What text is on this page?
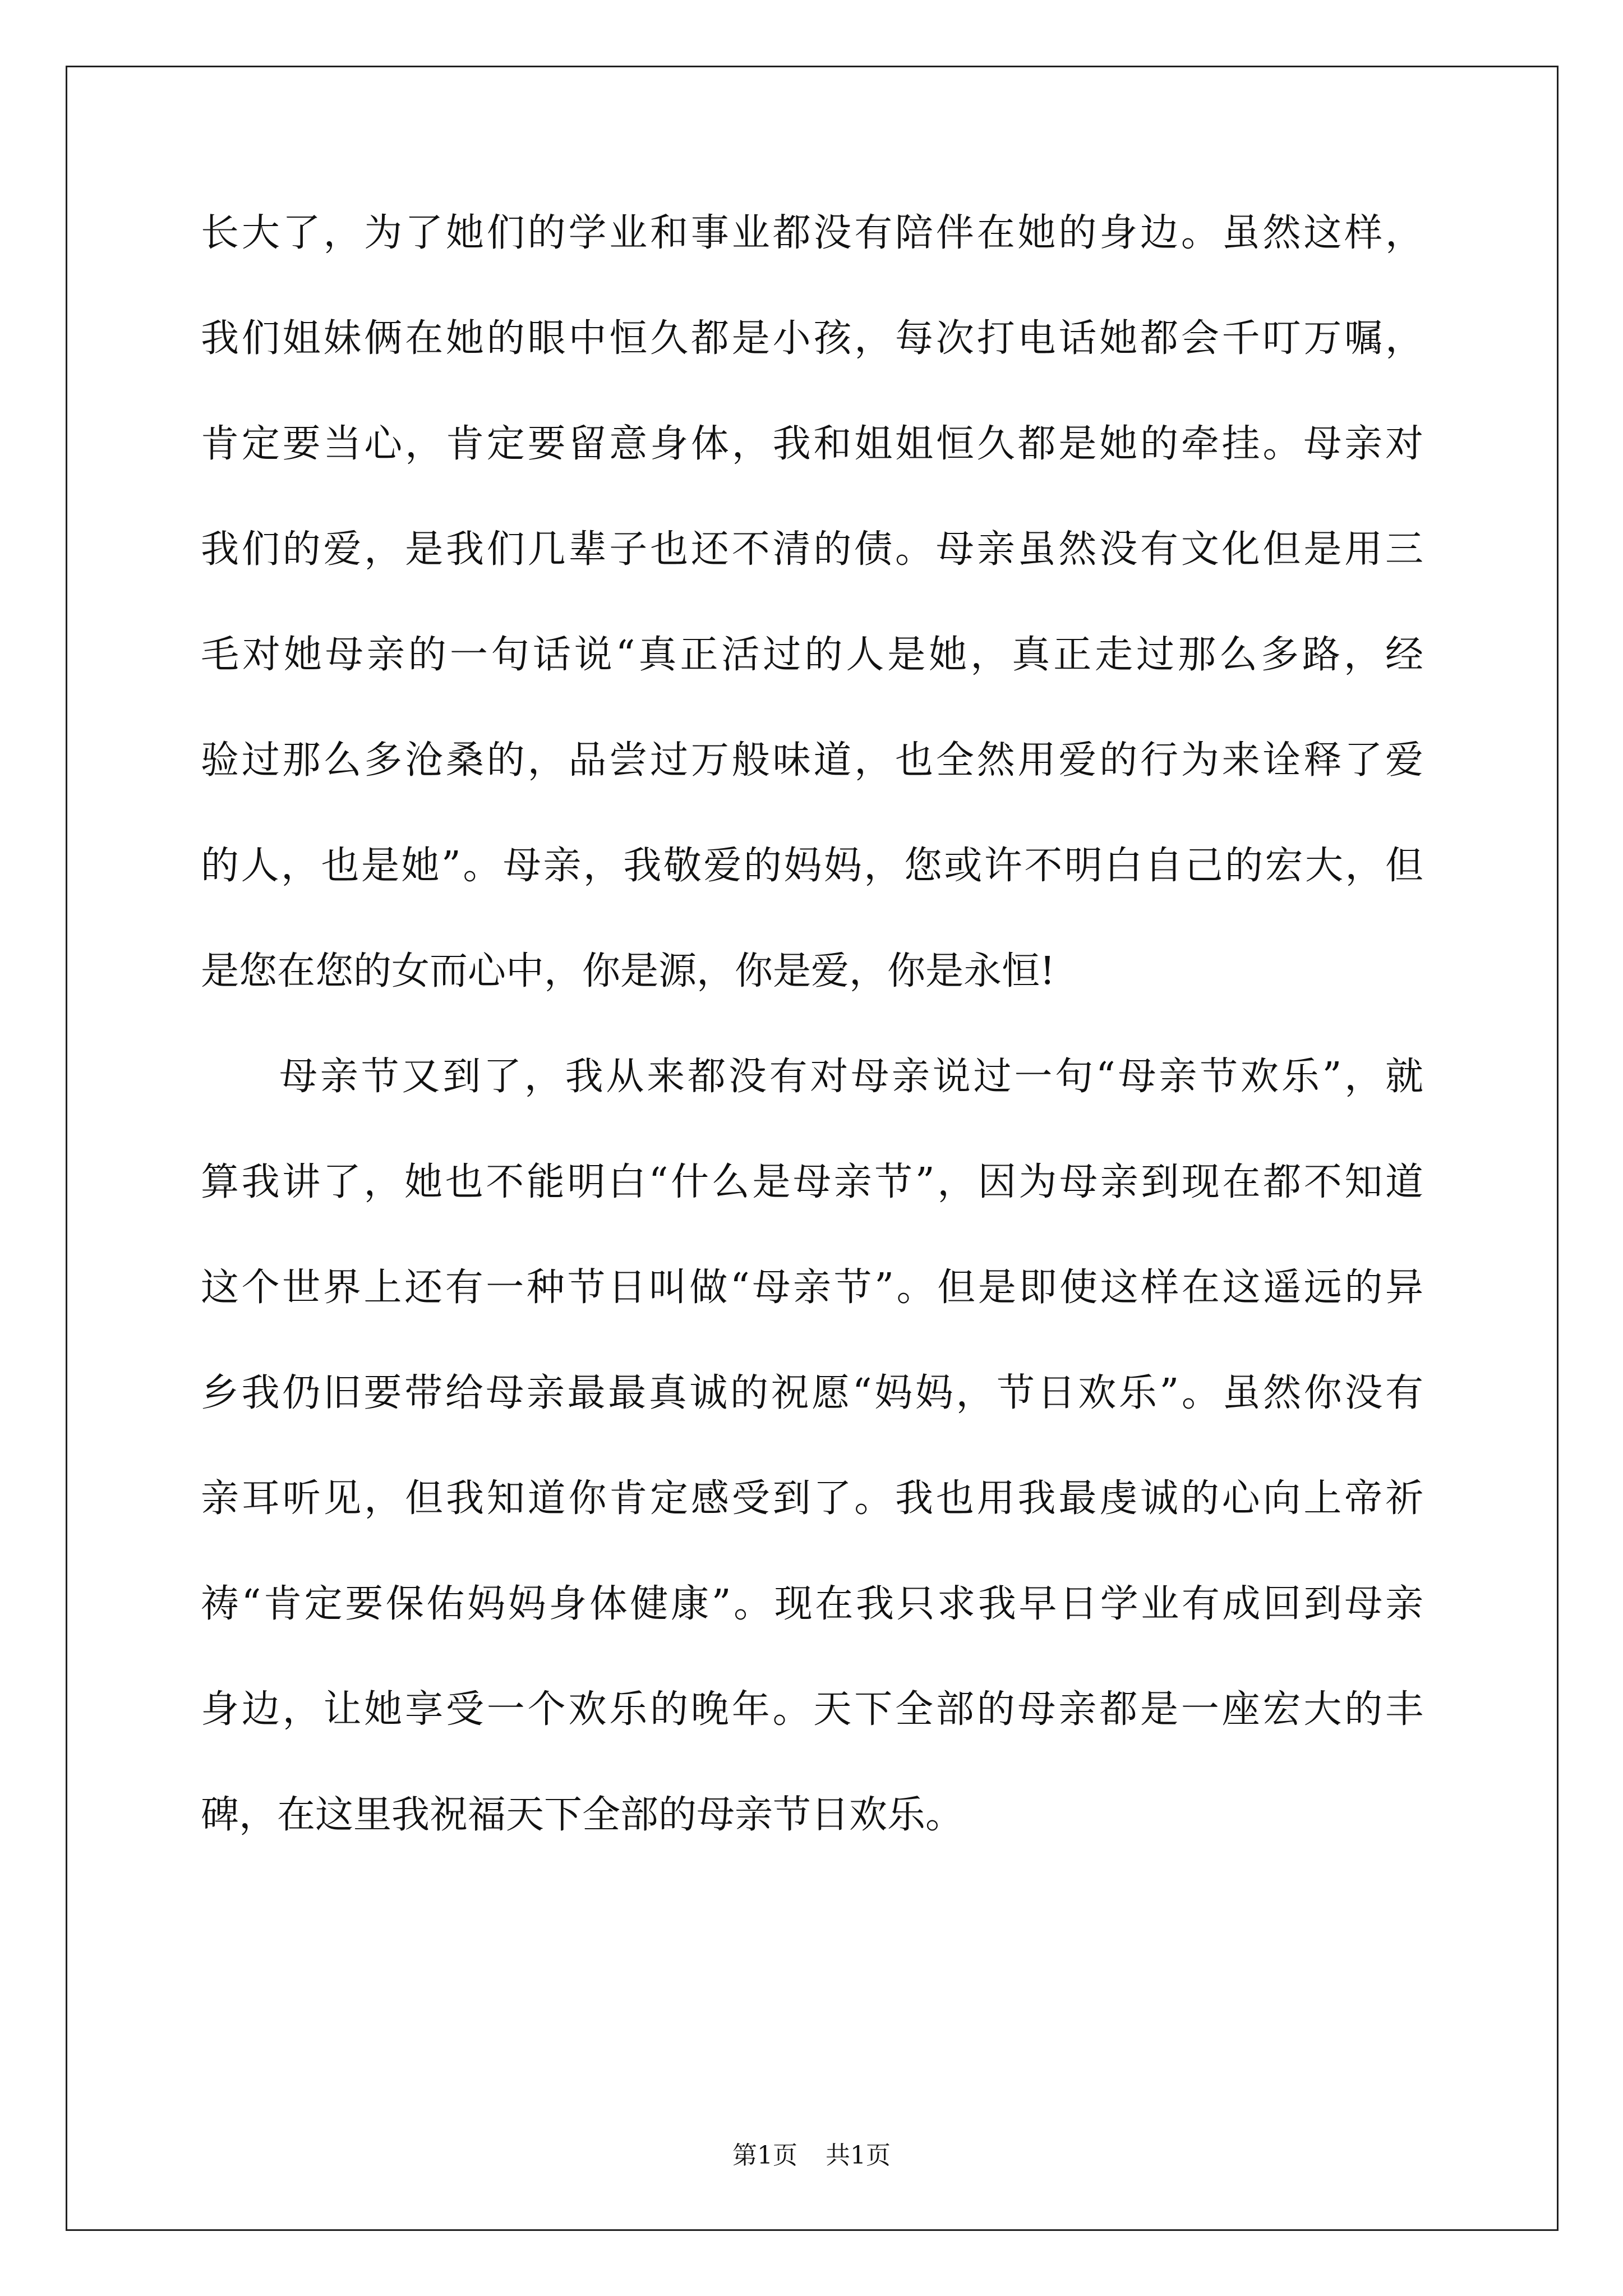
长大了，为了她们的学业和事业都没有陪伴在她的身边。虽然这样，
我们姐妹俩在她的眼中恒久都是小孩，每次打电话她都会千叮万嘱，
肯定要当心，肯定要留意身体，我和姐姐恒久都是她的牵挂。母亲对
我们的爱，是我们几辈子也还不清的债。母亲虽然没有文化但是用三
毛对她母亲的一句话说“真正活过的人是她，真正走过那么多路，经
验过那么多沧桑的，品尝过万般味道，也全然用爱的行为来诠释了爱
的人，也是她”。母亲，我敬爱的妈妈，您或许不明白自己的宏大，但
是您在您的女而心中，你是源，你是爱，你是永恒!
母亲节又到了，我从来都没有对母亲说过一句“母亲节欢乐”，就
算我讲了，她也不能明白“什么是母亲节”，因为母亲到现在都不知道
这个世界上还有一种节日叫做“母亲节”。但是即使这样在这遥远的异
乡我仍旧要带给母亲最最真诚的祝愿“妈妈，节日欢乐”。虽然你没有
亲耳听见，但我知道你肯定感受到了。我也用我最虔诚的心向上帝祈
祷“肯定要保佑妈妈身体健康”。现在我只求我早日学业有成回到母亲
身边，让她享受一个欢乐的晚年。天下全部的母亲都是一座宏大的丰
碑，在这里我祝福天下全部的母亲节日欢乐。
第1页 共1页
